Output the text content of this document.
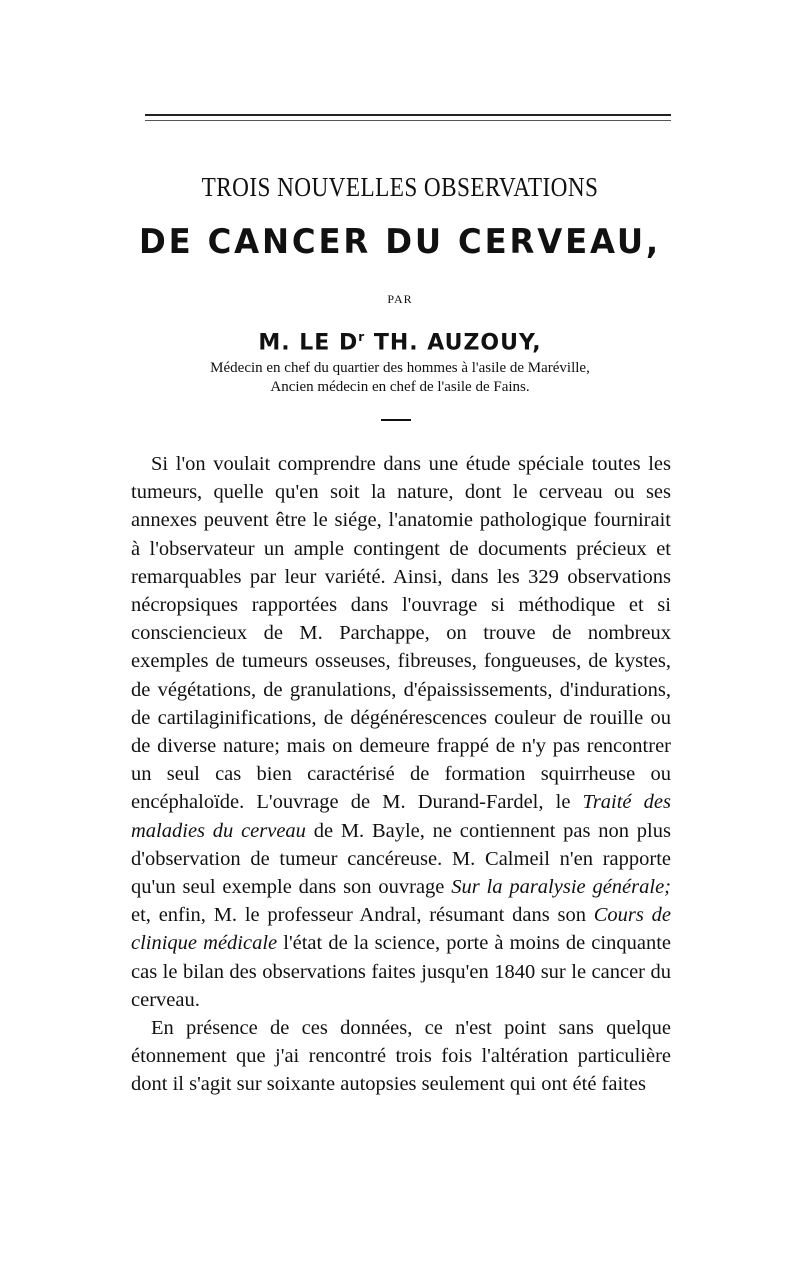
TROIS NOUVELLES OBSERVATIONS
DE CANCER DU CERVEAU,
PAR
M. LE $D^r$ TH. AUZOUY,
Médecin en chef du quartier des hommes à l'asile de Maréville,
Ancien médecin en chef de l'asile de Fains.

Si l'on voulait comprendre dans une étude spéciale toutes les tumeurs, quelle qu'en soit la nature, dont le cerveau ou ses annexes peuvent être le siége, l'anatomie pathologique fournirait à l'observateur un ample contingent de documents précieux et remarquables par leur variété. Ainsi, dans les 329 observations nécropsiques rapportées dans l'ouvrage si méthodique et si consciencieux de M. Parchappe, on trouve de nombreux exemples de tumeurs osseuses, fibreuses, fongueuses, de kystes, de végétations, de granulations, d'épaississements, d'indurations, de cartilaginifications, de dégénérescences couleur de rouille ou de diverse nature; mais on demeure frappé de n'y pas rencontrer un seul cas bien caractérisé de formation squirrheuse ou encéphaloïde. L'ouvrage de M. Durand-Fardel, le Traité des maladies du cerveau de M. Bayle, ne contiennent pas non plus d'observation de tumeur cancéreuse. M. Calmeil n'en rapporte qu'un seul exemple dans son ouvrage Sur la paralysie générale; et, enfin, M. le professeur Andral, résumant dans son Cours de clinique médicale l'état de la science, porte à moins de cinquante cas le bilan des observations faites jusqu'en 1840 sur le cancer du cerveau.

En présence de ces données, ce n'est point sans quelque étonnement que j'ai rencontré trois fois l'altération particulière dont il s'agit sur soixante autopsies seulement qui ont été faites
